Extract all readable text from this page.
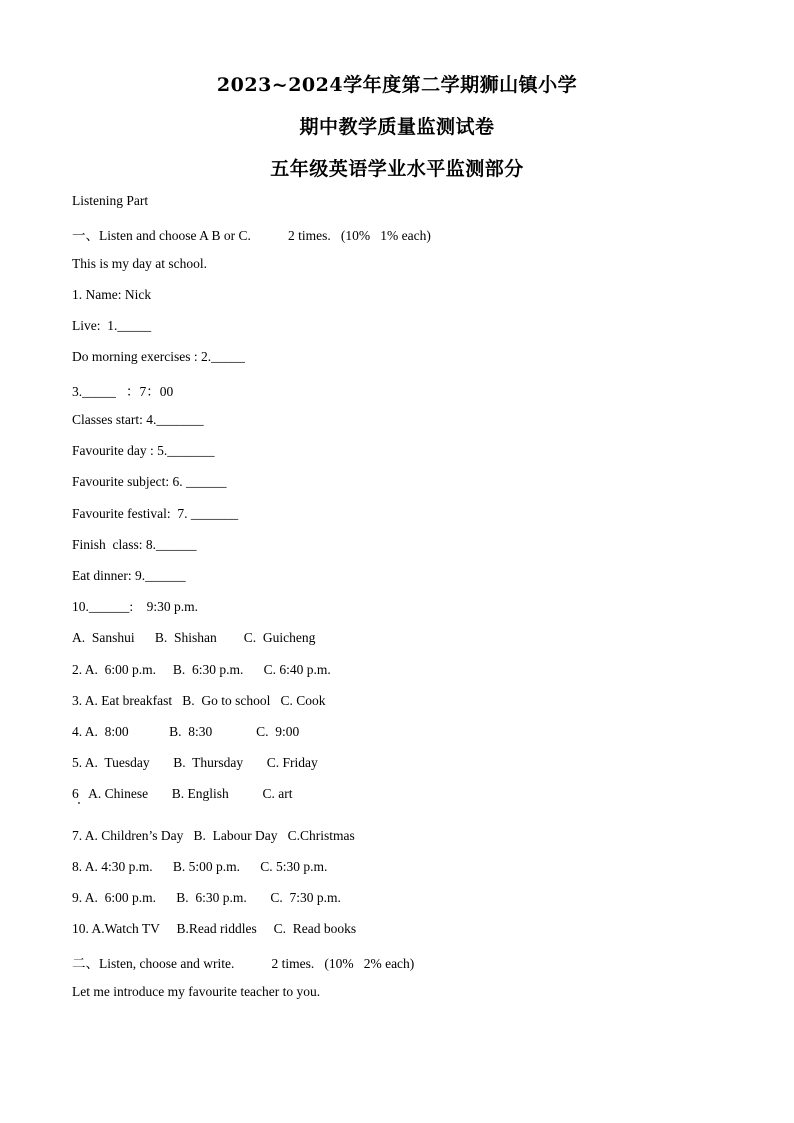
2023~2024学年度第二学期狮山镇小学
期中教学质量监测试卷
五年级英语学业水平监测部分
Listening Part
一、Listen and choose A B or C.           2 times.   (10%   1% each)
This is my day at school.
1. Name: Nick
Live:  1._____
Do morning exercises : 2._____
3._____   ：7：00
Classes start: 4._______
Favourite day : 5._______
Favourite subject: 6. ______
Favourite festival:  7. _______
Finish  class: 8.______
Eat dinner: 9.______
10.______:    9:30 p.m.
A.  Sanshui      B.  Shishan        C.  Guicheng
2. A.  6:00 p.m.     B.  6:30 p.m.      C. 6:40 p.m.
3. A. Eat breakfast   B.  Go to school   C. Cook
4. A.  8:00            B.  8:30             C.  9:00
5. A.  Tuesday       B.  Thursday       C. Friday
6   A. Chinese       B. English          C. art
7. A. Children’s Day   B.  Labour Day   C.Christmas
8. A. 4:30 p.m.      B. 5:00 p.m.      C. 5:30 p.m.
9. A.  6:00 p.m.      B.  6:30 p.m.       C.  7:30 p.m.
10. A.Watch TV     B.Read riddles     C.  Read books
二、Listen, choose and write.           2 times.   (10%   2% each)
Let me introduce my favourite teacher to you.
